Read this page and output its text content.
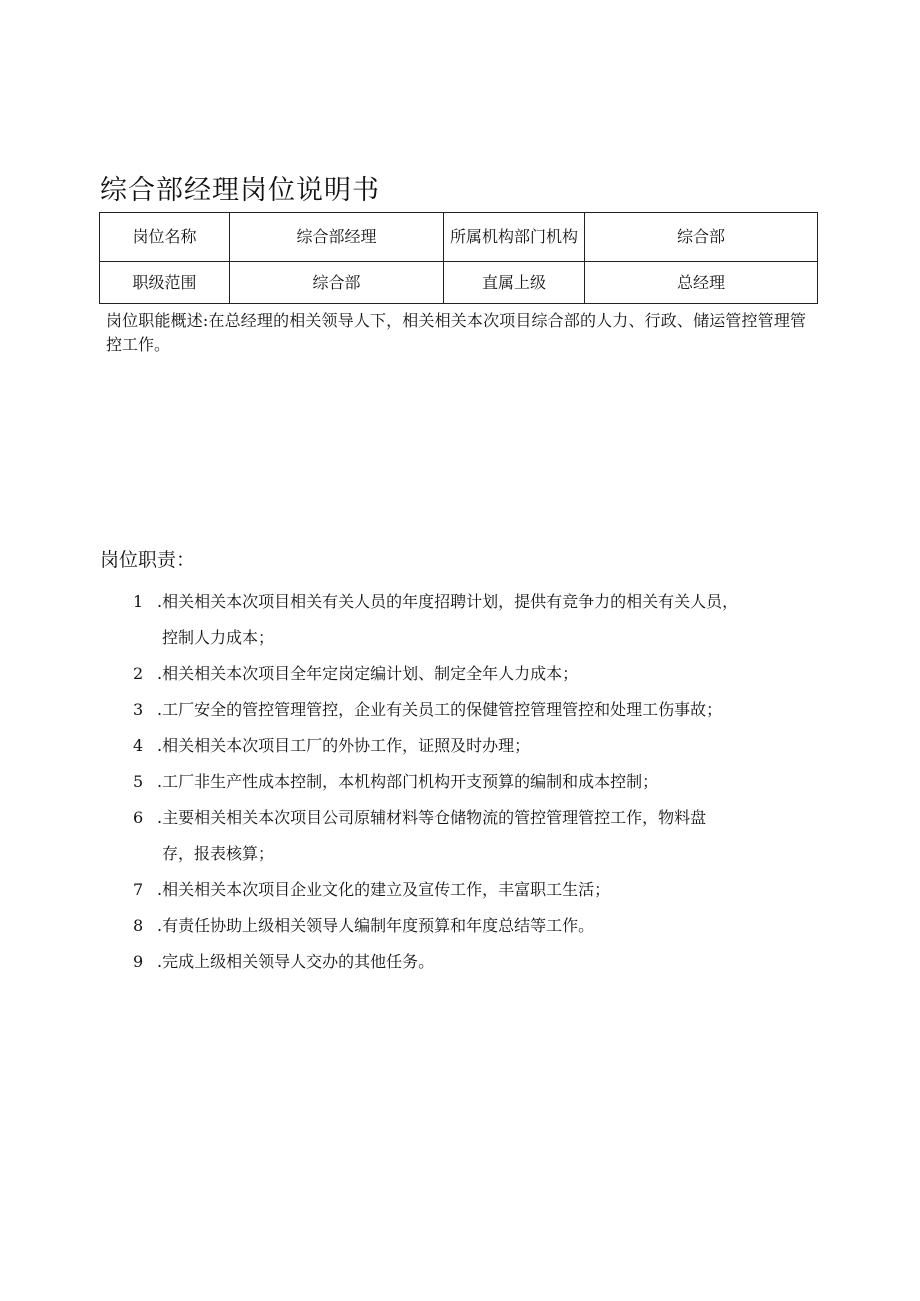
综合部经理岗位说明书
岗位名称	综合部经理	所属机构部门机构	综合部
职级范围	综合部	直属上级	总经理
岗位职能概述:在总经理的相关领导人下，相关相关本次项目综合部的人力、行政、储运管控管理管控工作。
岗位职责：
1 .相关相关本次项目相关有关人员的年度招聘计划，提供有竞争力的相关有关人员，
控制人力成本；
2 .相关相关本次项目全年定岗定编计划、制定全年人力成本；
3 .工厂安全的管控管理管控，企业有关员工的保健管控管理管控和处理工伤事故；
4 .相关相关本次项目工厂的外协工作，证照及时办理；
5 .工厂非生产性成本控制，本机构部门机构开支预算的编制和成本控制；
6 .主要相关相关本次项目公司原辅材料等仓储物流的管控管理管控工作，物料盘
存，报表核算；
7 .相关相关本次项目企业文化的建立及宣传工作，丰富职工生活；
8 .有责任协助上级相关领导人编制年度预算和年度总结等工作。
9 .完成上级相关领导人交办的其他任务。
